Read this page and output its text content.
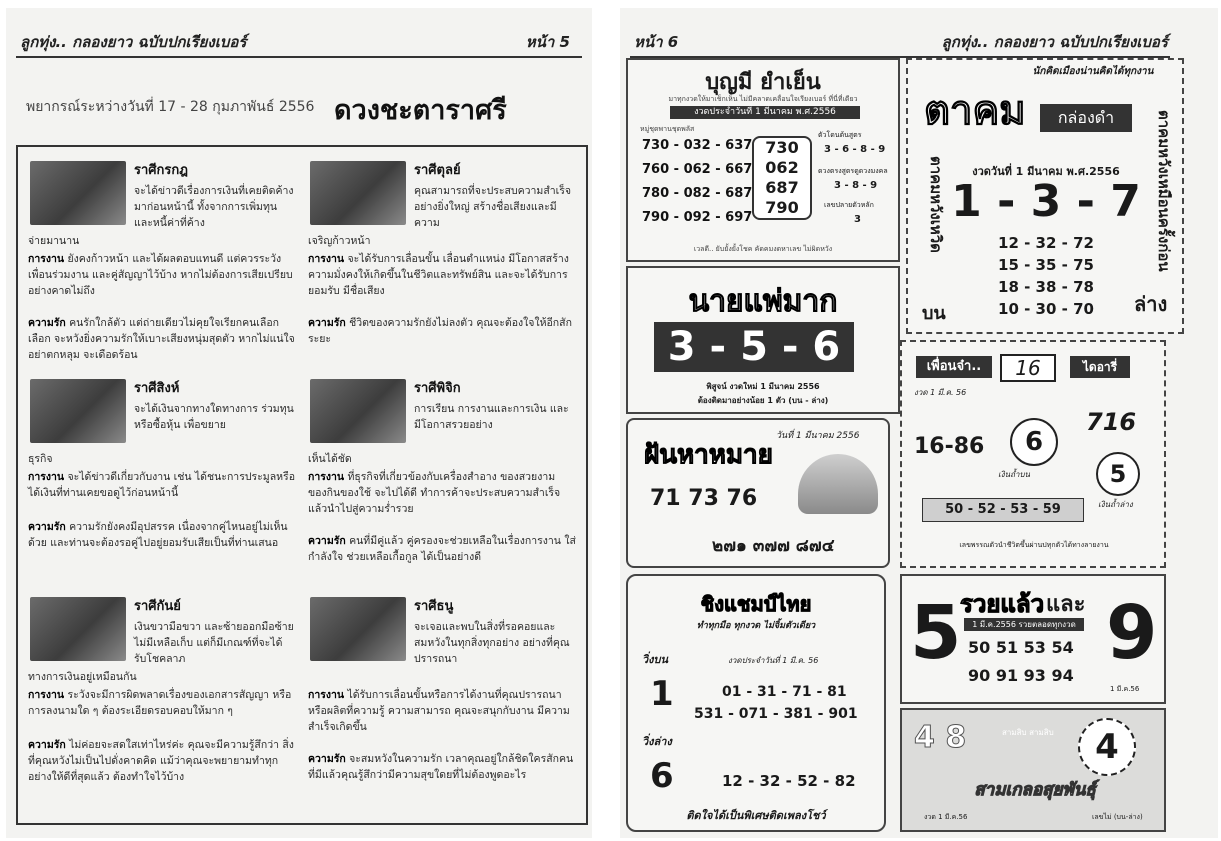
ลูกทุ่ง.. กลองยาว ฉบับปกเรียงเบอร์	หน้า 5
พยากรณ์ระหว่างวันที่ 17 - 28 กุมภาพันธ์ 2556 ดวงชะตาราศรี
ราศีกรกฎ
จะได้ข่าวดีเรื่องการเงินที่เคยติดค้างมาก่อนหน้านี้ ทั้งจากการเพิ่มทุนและหนี้ค่าที่ค้าง
จ่ายมานาน
การงาน ยังคงก้าวหน้า และได้ผลตอบแทนดี แต่ควรระวังเพื่อนร่วมงาน และคู่สัญญาไว้บ้าง หากไม่ต้องการเสียเปรียบอย่างคาดไม่ถึง
ความรัก คนรักใกล้ตัว แต่ถ่ายเดียวไม่คุยใจเรียกคนเลือกเลือก จะหวังยิ่งความรักให้เบาะเสียงหนุ่มสุดตัว หากไม่แน่ใจอย่าตกหลุม จะเดือดร้อน
ราศีตุลย์
คุณสามารถที่จะประสบความสำเร็จอย่างยิ่งใหญ่ สร้างชื่อเสียงและมีความ
เจริญก้าวหน้า
การงาน จะได้รับการเลื่อนขั้น เลื่อนตำแหน่ง มีโอกาสสร้างความมั่งคงให้เกิดขึ้นในชีวิตและทรัพย์สิน และจะได้รับการยอมรับ มีชื่อเสียง
ความรัก ชีวิตของความรักยังไม่ลงตัว คุณจะต้องใจให้อีกสักระยะ
ราศีสิงห์
จะได้เงินจากทางใดทางการ ร่วมทุนหรือซื้อหุ้น เพื่อขยาย
ธุรกิจ
การงาน จะได้ข่าวดีเกี่ยวกับงาน เช่น ได้ชนะการประมูลหรือได้เงินที่ท่านเคยขอดูไว้ก่อนหน้านี้
ความรัก ความรักยังคงมีอุปสรรค เนื่องจากคู่ไหนอยู่ไม่เห็นด้วย และท่านจะต้องรอคู่ไปอยู่ยอมรับเสียเป็นที่ท่านเสนอ
ราศีพิจิก
การเรียน การงานและการเงิน และมีโอกาสรวยอย่าง
เห็นได้ชัด
การงาน ที่ธุรกิจที่เกี่ยวข้องกับเครื่องสำอาง ของสวยงาม ของกินของใช้ จะไปได้ดี ทำการค้าจะประสบความสำเร็จ แล้วนำไปสู่ความร่ำรวย
ความรัก คนที่มีคู่แล้ว คู่ครองจะช่วยเหลือในเรื่องการงาน ใส่กำลังใจ ช่วยเหลือเกื้อกูล ได้เป็นอย่างดี
ราศีกันย์
เงินขวามือขวา และซ้ายออกมือซ้าย ไม่มีเหลือเก็บ แต่ก็มีเกณฑ์ที่จะได้รับโชคลาภ
ทางการเงินอยู่เหมือนกัน
การงาน ระวังจะมีการผิดพลาดเรื่องของเอกสารสัญญา หรือการลงนามใด ๆ ต้องระเอียดรอบคอบให้มาก ๆ
ความรัก ไม่ค่อยจะสดใสเท่าไหร่ค่ะ คุณจะมีความรู้สึกว่า สิ่งที่คุณหวังไม่เป็นไปดั่งคาดคิด แม้ว่าคุณจะพยายามทำทุกอย่างให้ดีที่สุดแล้ว ต้องทำใจไว้บ้าง
ราศีธนู
จะเจอและพบในสิ่งที่รอคอยและสมหวังในทุกสิ่งทุกอย่าง อย่างที่คุณปรารถนา
การงาน ได้รับการเลื่อนขั้นหรือการได้งานที่คุณปรารถนาหรือผลิตที่ความรู้ ความสามารถ คุณจะสนุกกับงาน มีความสำเร็จเกิดขึ้น
ความรัก จะสมหวังในความรัก เวลาคุณอยู่ใกล้ชิดใครสักคนที่มีแล้วคุณรู้สึกว่ามีความสุขใดยที่ไม่ต้องพูดอะไร
หน้า 6	ลูกทุ่ง.. กลองยาว ฉบับปกเรียงเบอร์
บุญมี ยำเย็น
มาทุกงวดให้มาเช็กเห็น ไม่มีคลาดเคลื่อนใจเรียงเบอร์ ที่นี่ที่เดียว
งวดประจำวันที่ 1 มีนาคม พ.ศ.2556
หมู่ชุดพานชุดพลัส
730 - 032 - 637
760 - 062 - 667
780 - 082 - 687
790 - 092 - 697
730
062
687
790
ตัวโดนต้นสูตร
3 - 6 - 8 - 9
ดวงตรงสูตรดูดวงมงคล
3 - 8 - 9
เลขปลายตัวหลัก
3
เวลดี.. ยับยั้งยั้งโชค คัดคมงดหาเลข ไม่ผิดหวัง
นักคิดเมืองน่านคิดได้ทุกงาน
ตาคม	กล่องดำ
ตาคมหวังเหวิด	ตาคมหวังเหมือนครั้งก่อน
งวดวันที่ 1 มีนาคม พ.ศ.2556
1 - 3 - 7
12 - 32 - 72
15 - 35 - 75
18 - 38 - 78
10 - 30 - 70
บน	ล่าง
นายแพ่มาก
3 - 5 - 6
พิสูจน์ งวดใหม่ 1 มีนาคม 2556
ต้องติดมาอย่างน้อย 1 ตัว (บน - ล่าง)
ฝันหาหมาย
วันที่ 1 มีนาคม 2556
71 73 76
๒๗๑ ๓๗๗ ๘๗๔
เพื่อนจ๋า..	16	ไดอารี่
งวด 1 มี.ค. 56
16-86	6
เงินถ้ำบน
716
5
เงินถ้ำล่าง
50 - 52 - 53 - 59
เลขพรรณตัวนำชีวิตขึ้นผ่านปทุกตัวได้ทางลายงาน
ชิงแชมป์ไทย
ทำทุกมือ ทุกงวด ไม่จิ้มตัวเดียว
วิ่งบน	งวดประจำวันที่ 1 มี.ค. 56
1	01 - 31 - 71 - 81
531 - 071 - 381 - 901
วิ่งล่าง
6	12 - 32 - 52 - 82
ติดใจได้เป็นพิเศษติดเพลงโชว์
5 9
รวยแล้ว และ
1 มี.ค.2556 รวยตลอดทุกงวด
50 51 53 54
90 91 93 94
1 มี.ค.56
4 8	สามสิบ สามสิบ	4
สามเกลอสุยพันธุ์
งวด 1 มี.ค.56	เลขไม่ (บน-ล่าง)
